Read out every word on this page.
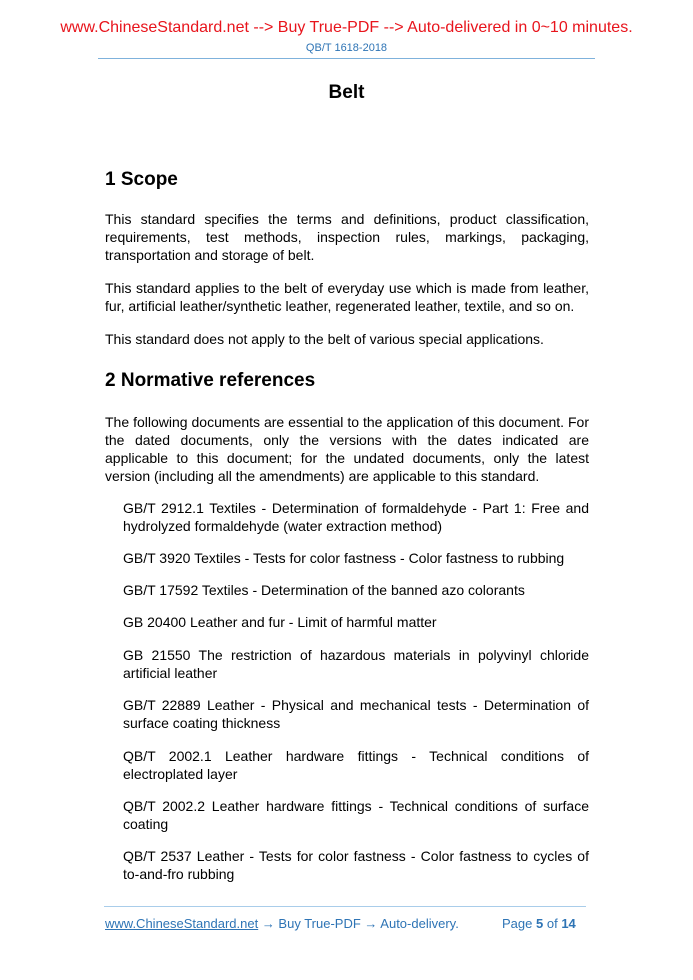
www.ChineseStandard.net --> Buy True-PDF --> Auto-delivered in 0~10 minutes.
QB/T 1618-2018
Belt
1 Scope

This standard specifies the terms and definitions, product classification, requirements, test methods, inspection rules, markings, packaging, transportation and storage of belt.

This standard applies to the belt of everyday use which is made from leather, fur, artificial leather/synthetic leather, regenerated leather, textile, and so on.

This standard does not apply to the belt of various special applications.

2 Normative references

The following documents are essential to the application of this document. For the dated documents, only the versions with the dates indicated are applicable to this document; for the undated documents, only the latest version (including all the amendments) are applicable to this standard.

GB/T 2912.1 Textiles - Determination of formaldehyde - Part 1: Free and hydrolyzed formaldehyde (water extraction method)

GB/T 3920 Textiles - Tests for color fastness - Color fastness to rubbing

GB/T 17592 Textiles - Determination of the banned azo colorants

GB 20400 Leather and fur - Limit of harmful matter

GB 21550 The restriction of hazardous materials in polyvinyl chloride artificial leather

GB/T 22889 Leather - Physical and mechanical tests - Determination of surface coating thickness

QB/T 2002.1 Leather hardware fittings - Technical conditions of electroplated layer

QB/T 2002.2 Leather hardware fittings - Technical conditions of surface coating

QB/T 2537 Leather - Tests for color fastness - Color fastness to cycles of to-and-fro rubbing

www.ChineseStandard.net → Buy True-PDF → Auto-delivery.	Page 5 of 14
